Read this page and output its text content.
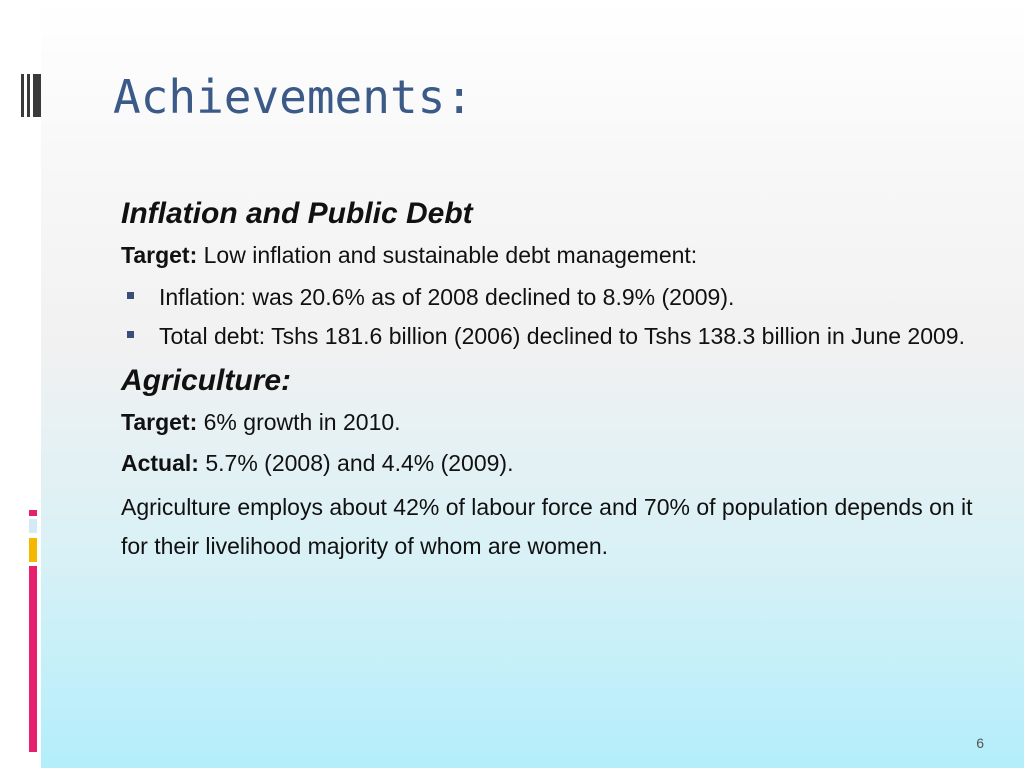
Achievements:
Inflation and Public Debt
Target: Low inflation and sustainable debt management:
Inflation: was 20.6% as of 2008 declined to 8.9% (2009).
Total debt: Tshs 181.6 billion (2006) declined to Tshs 138.3 billion in June 2009.
Agriculture:
Target: 6% growth in 2010.
Actual: 5.7% (2008) and 4.4% (2009).
Agriculture employs about 42% of labour force and 70% of population depends on it for their livelihood majority of whom are women.
6
